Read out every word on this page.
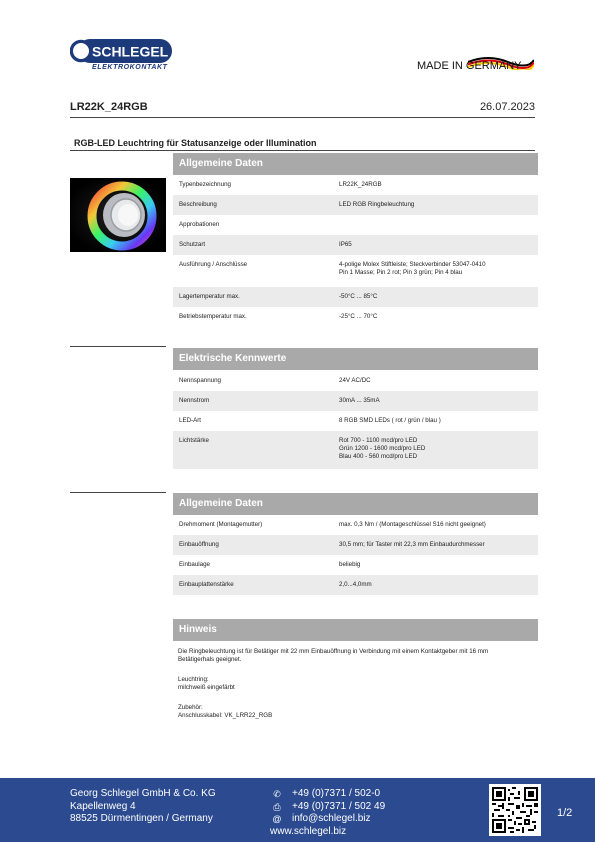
SCHLEGEL
ELEKTROKONTAKT	MADE IN GERMANY
LR22K_24RGB	26.07.2023
RGB-LED Leuchtring für Statusanzeige oder Illumination
Allgemeine Daten
Typenbezeichnung	LR22K_24RGB
Beschreibung	LED RGB Ringbeleuchtung
Approbationen
Schutzart	IP65
Ausführung / Anschlüsse	4-polige Molex Stiftleiste; Steckverbinder 53047-0410
Pin 1 Masse; Pin 2 rot; Pin 3 grün; Pin 4 blau
Lagertemperatur max.	-50°C ... 85°C
Betriebstemperatur max.	-25°C ... 70°C
Elektrische Kennwerte
Nennspannung	24V AC/DC
Nennstrom	30mA ... 35mA
LED-Art	8 RGB SMD LEDs ( rot / grün / blau )
Lichtstärke	Rot 700 - 1100 mcd/pro LED
Grün 1200 - 1600 mcd/pro LED
Blau 400 - 560 mcd/pro LED
Allgemeine Daten
Drehmoment (Montagemutter)	max. 0,3 Nm / (Montageschlüssel S16 nicht geeignet)
Einbauöffnung	30,5 mm; für Taster mit 22,3 mm Einbaudurchmesser
Einbaulage	beliebig
Einbauplattenstärke	2,0...4,0mm
Hinweis
Die Ringbeleuchtung ist für Betätiger mit 22 mm Einbauöffnung in Verbindung mit einem Kontaktgeber mit 16 mm
Betätigerhals geeignet.
Leuchtring:
milchweiß eingefärbt
Zubehör:
Anschlusskabel: VK_LRR22_RGB
Georg Schlegel GmbH & Co. KG
Kapellenweg 4
88525 Dürmentingen / Germany
✆	+49 (0)7371 / 502-0
⎙	+49 (0)7371 / 502 49
@ info@schlegel.biz
www.schlegel.biz
1/2
